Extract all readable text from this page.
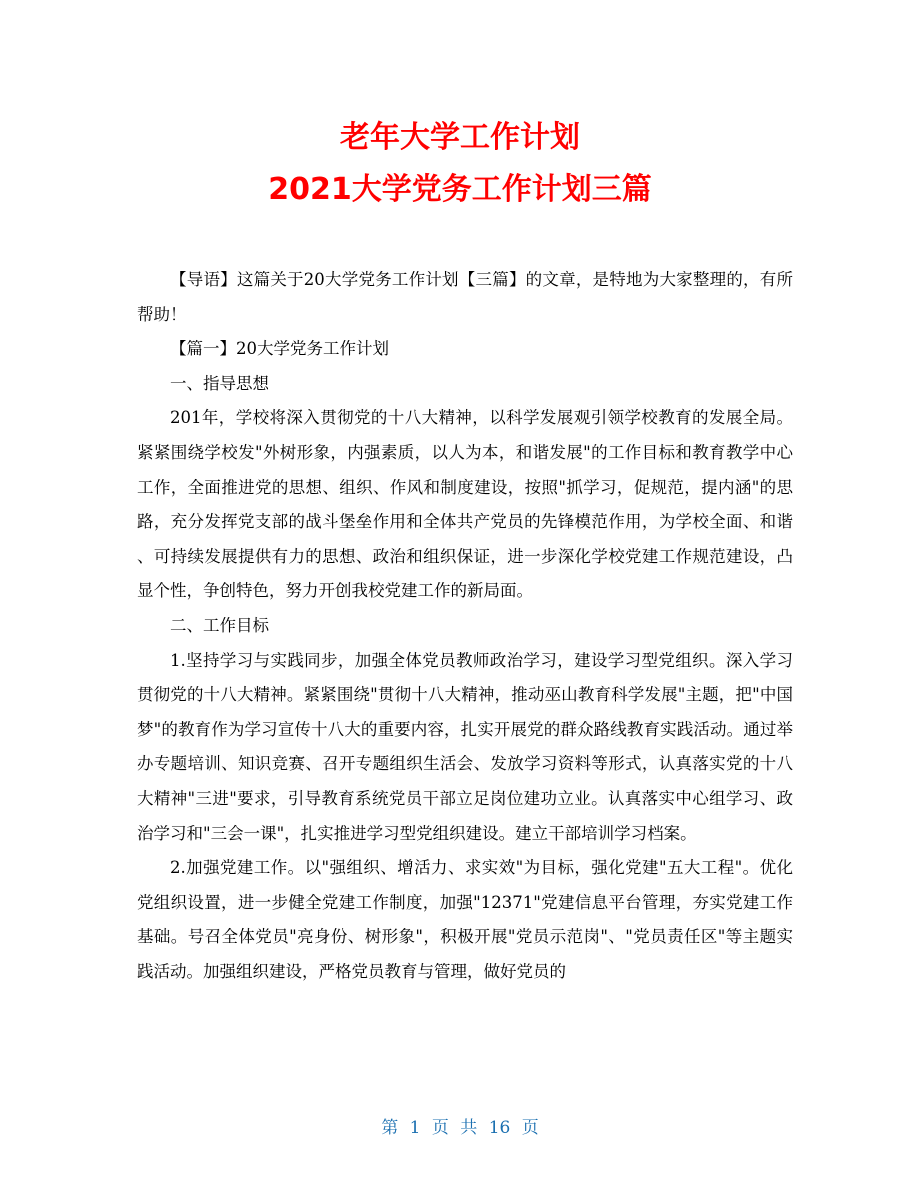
老年大学工作计划
2021大学党务工作计划三篇

【导语】这篇关于20大学党务工作计划【三篇】的文章，是特地为大家整理的，有所帮助！

【篇一】20大学党务工作计划

一、指导思想

201年，学校将深入贯彻党的十八大精神，以科学发展观引领学校教育的发展全局。紧紧围绕学校发"外树形象，内强素质，以人为本，和谐发展"的工作目标和教育教学中心工作，全面推进党的思想、组织、作风和制度建设，按照"抓学习，促规范，提内涵"的思路，充分发挥党支部的战斗堡垒作用和全体共产党员的先锋模范作用，为学校全面、和谐、可持续发展提供有力的思想、政治和组织保证，进一步深化学校党建工作规范建设，凸显个性，争创特色，努力开创我校党建工作的新局面。

二、工作目标

1.坚持学习与实践同步，加强全体党员教师政治学习，建设学习型党组织。深入学习贯彻党的十八大精神。紧紧围绕"贯彻十八大精神，推动巫山教育科学发展"主题，把"中国梦"的教育作为学习宣传十八大的重要内容，扎实开展党的群众路线教育实践活动。通过举办专题培训、知识竞赛、召开专题组织生活会、发放学习资料等形式，认真落实党的十八大精神"三进"要求，引导教育系统党员干部立足岗位建功立业。认真落实中心组学习、政治学习和"三会一课"，扎实推进学习型党组织建设。建立干部培训学习档案。

2.加强党建工作。以"强组织、增活力、求实效"为目标，强化党建"五大工程"。优化党组织设置，进一步健全党建工作制度，加强"12371"党建信息平台管理，夯实党建工作基础。号召全体党员"亮身份、树形象"，积极开展"党员示范岗"、"党员责任区"等主题实践活动。加强组织建设，严格党员教育与管理，做好党员的

第 1 页 共 16 页
